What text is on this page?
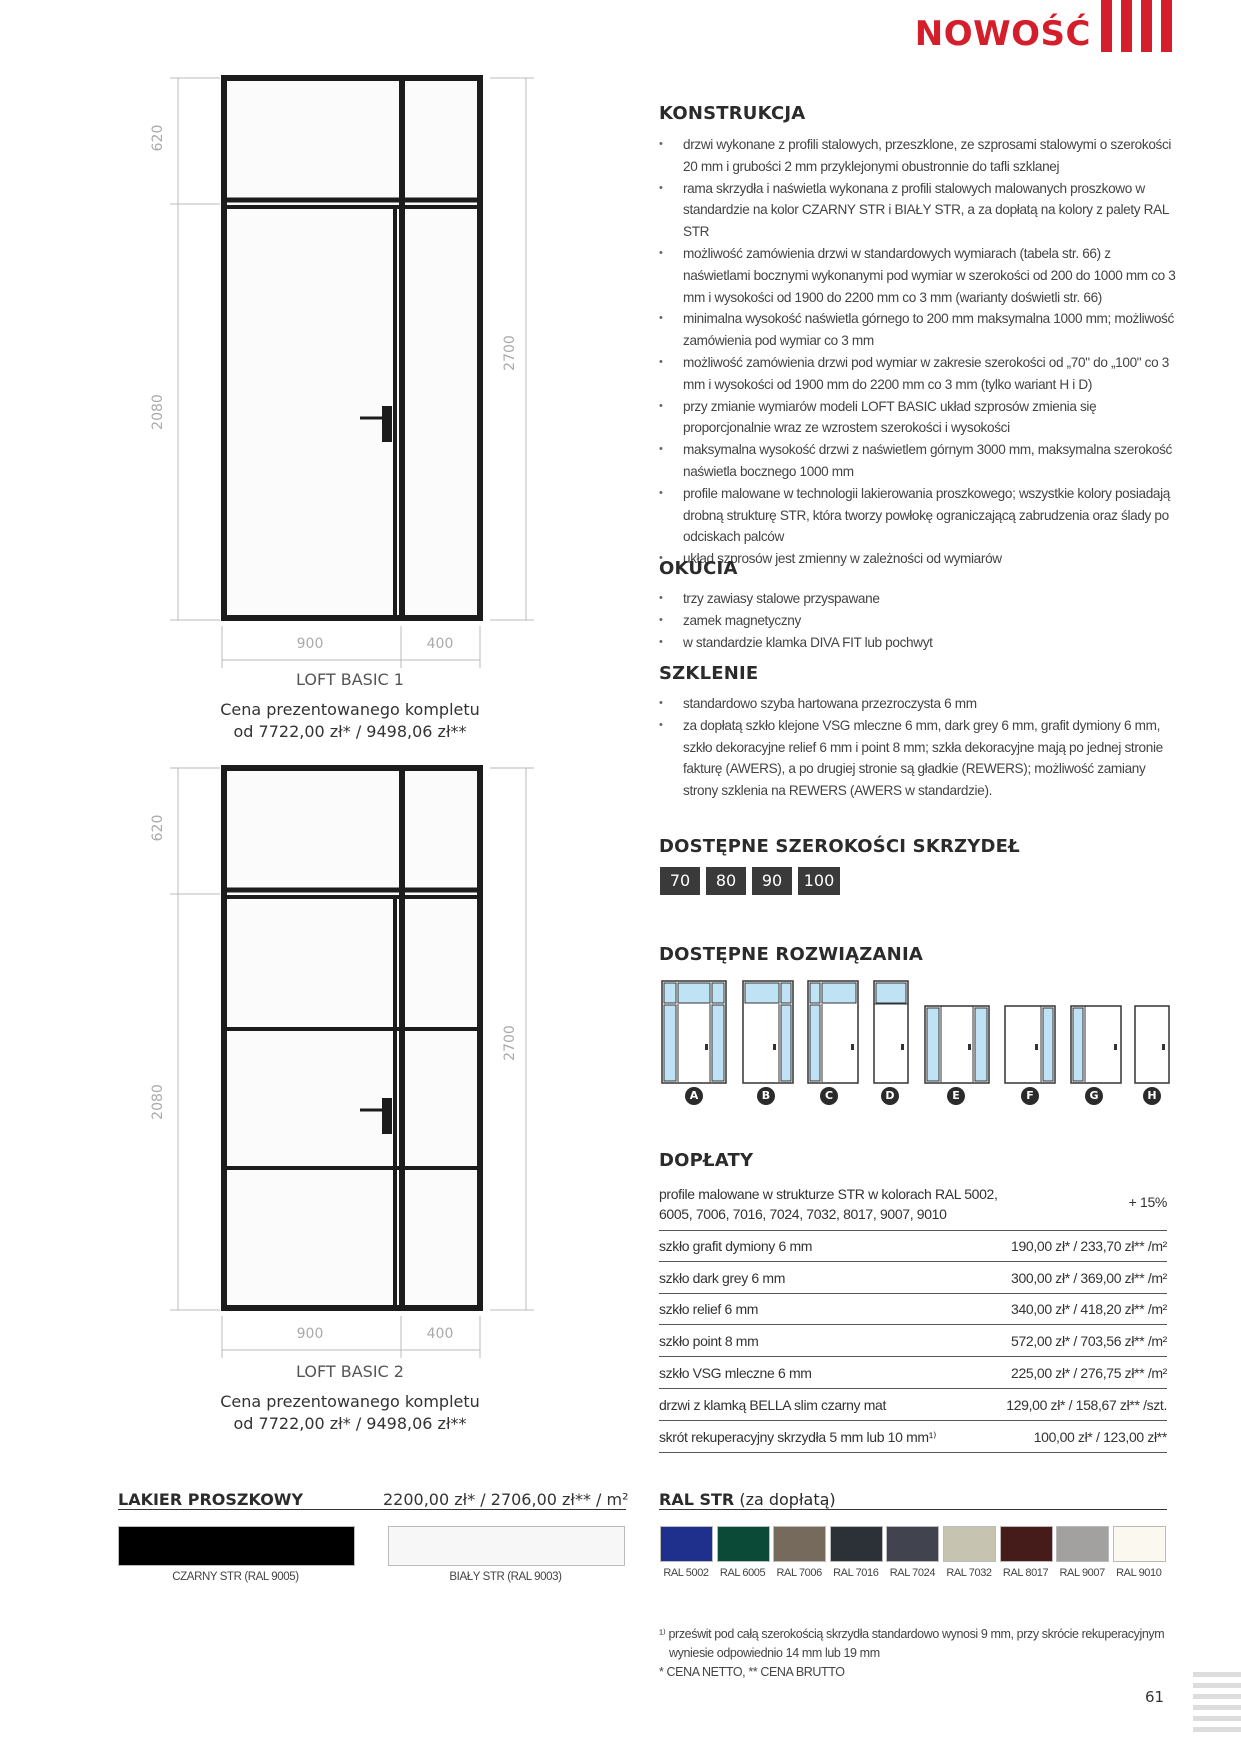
NOWOŚĆ
620
2080
2700
900	400
LOFT BASIC 1
Cena prezentowanego kompletu
od 7722,00 zł* / 9498,06 zł**
620
2080
2700
900	400
LOFT BASIC 2
Cena prezentowanego kompletu
od 7722,00 zł* / 9498,06 zł**
KONSTRUKCJA
• drzwi wykonane z profili stalowych, przeszklone, ze szprosami stalowymi o szerokości 20 mm i grubości 2 mm przyklejonymi obustronnie do tafli szklanej
• rama skrzydła i naświetla wykonana z profili stalowych malowanych proszkowo w standardzie na kolor CZARNY STR i BIAŁY STR, a za dopłatą na kolory z palety RAL STR
• możliwość zamówienia drzwi w standardowych wymiarach (tabela str. 66) z naświetlami bocznymi wykonanymi pod wymiar w szerokości od 200 do 1000 mm co 3 mm i wysokości od 1900 do 2200 mm co 3 mm (warianty doświetli str. 66)
• minimalna wysokość naświetla górnego to 200 mm maksymalna 1000 mm; możliwość zamówienia pod wymiar co 3 mm
• możliwość zamówienia drzwi pod wymiar w zakresie szerokości od „70" do „100" co 3 mm i wysokości od 1900 mm do 2200 mm co 3 mm (tylko wariant H i D)
• przy zmianie wymiarów modeli LOFT BASIC układ szprosów zmienia się proporcjonalnie wraz ze wzrostem szerokości i wysokości
• maksymalna wysokość drzwi z naświetlem górnym 3000 mm, maksymalna szerokość naświetla bocznego 1000 mm
• profile malowane w technologii lakierowania proszkowego; wszystkie kolory posiadają drobną strukturę STR, która tworzy powłokę ograniczającą zabrudzenia oraz ślady po odciskach palców
• układ szprosów jest zmienny w zależności od wymiarów
OKUCIA
• trzy zawiasy stalowe przyspawane
• zamek magnetyczny
• w standardzie klamka DIVA FIT lub pochwyt
SZKLENIE
• standardowo szyba hartowana przezroczysta 6 mm
• za dopłatą szkło klejone VSG mleczne 6 mm, dark grey 6 mm, grafit dymiony 6 mm, szkło dekoracyjne relief 6 mm i point 8 mm; szkła dekoracyjne mają po jednej stronie fakturę (AWERS), a po drugiej stronie są gładkie (REWERS); możliwość zamiany strony szklenia na REWERS (AWERS w standardzie).
DOSTĘPNE SZEROKOŚCI SKRZYDEŁ
70	80	90	100
DOSTĘPNE ROZWIĄZANIA
A	B	C	D	E	F	G	H
DOPŁATY
profile malowane w strukturze STR w kolorach RAL 5002,
6005, 7006, 7016, 7024, 7032, 8017, 9007, 9010
+ 15%
szkło grafit dymiony 6 mm	190,00 zł* / 233,70 zł** /m²
szkło dark grey 6 mm	300,00 zł* / 369,00 zł** /m²
szkło relief 6 mm	340,00 zł* / 418,20 zł** /m²
szkło point 8 mm	572,00 zł* / 703,56 zł** /m²
szkło VSG mleczne 6 mm	225,00 zł* / 276,75 zł** /m²
drzwi z klamką BELLA slim czarny mat	129,00 zł* / 158,67 zł** /szt.
skrót rekuperacyjny skrzydła 5 mm lub 10 mm¹⁾	100,00 zł* / 123,00 zł**
LAKIER PROSZKOWY	2200,00 zł* / 2706,00 zł** / m²
CZARNY STR (RAL 9005)	BIAŁY STR (RAL 9003)
RAL STR (za dopłatą)
RAL 5002	RAL 6005	RAL 7006	RAL 7016	RAL 7024	RAL 7032	RAL 8017	RAL 9007	RAL 9010
¹⁾ prześwit pod całą szerokością skrzydła standardowo wynosi 9 mm, przy skrócie rekuperacyjnym
wyniesie odpowiednio 14 mm lub 19 mm
* CENA NETTO, ** CENA BRUTTO
61
